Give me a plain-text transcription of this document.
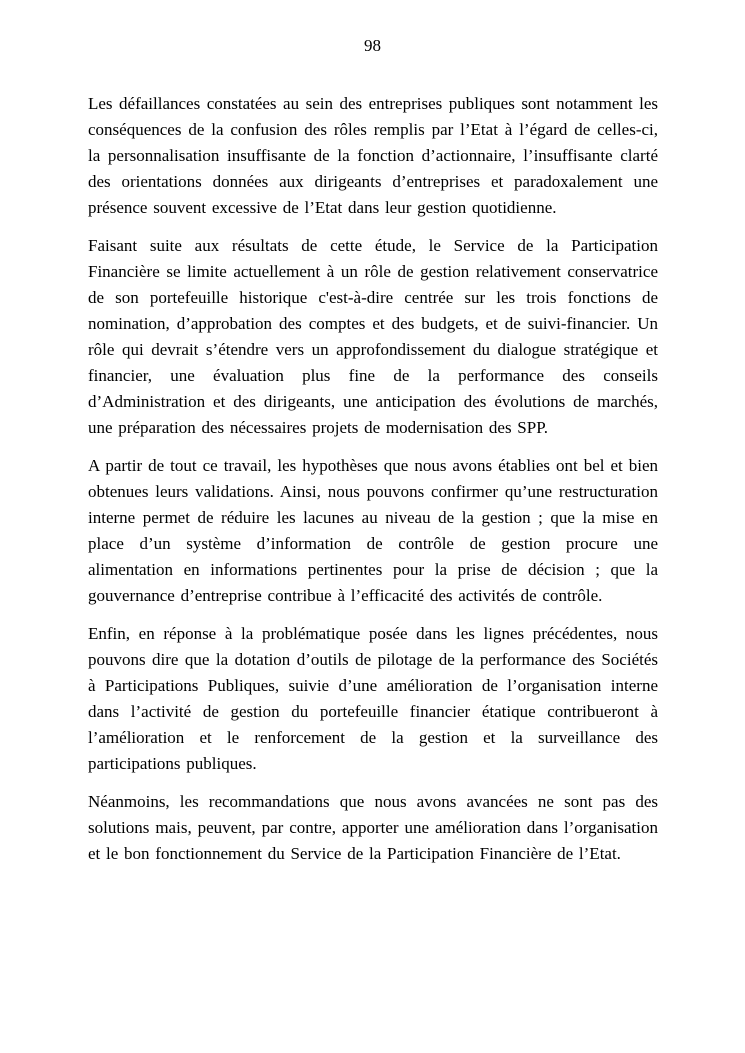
98

Les défaillances constatées au sein des entreprises publiques sont notamment les conséquences de la confusion des rôles remplis par l’Etat à l’égard de celles-ci, la personnalisation insuffisante de la fonction d’actionnaire, l’insuffisante clarté des orientations données aux dirigeants d’entreprises et paradoxalement une présence souvent excessive de l’Etat dans leur gestion quotidienne.

Faisant suite aux résultats de cette étude, le Service de la Participation Financière se limite actuellement à un rôle de gestion relativement conservatrice de son portefeuille historique c'est-à-dire centrée sur les trois fonctions de nomination, d’approbation des comptes et des budgets, et de suivi-financier. Un rôle qui devrait s’étendre vers un approfondissement du dialogue stratégique et financier, une évaluation plus fine de la performance des conseils d’Administration et des dirigeants, une anticipation des évolutions de marchés, une préparation des nécessaires projets de modernisation des SPP.

A partir de tout ce travail, les hypothèses que nous avons établies ont bel et bien obtenues leurs validations. Ainsi, nous pouvons confirmer qu’une restructuration interne permet de réduire les lacunes au niveau de la gestion ; que la mise en place d’un système d’information de contrôle de gestion procure une alimentation en informations pertinentes pour la prise de décision ; que la gouvernance d’entreprise contribue à l’efficacité des activités de contrôle.

Enfin, en réponse à la problématique posée dans les lignes précédentes, nous pouvons dire que la dotation d’outils de pilotage de la performance des Sociétés à Participations Publiques, suivie d’une amélioration de l’organisation interne dans l’activité de gestion du portefeuille financier étatique contribueront à l’amélioration et le renforcement de la gestion et la surveillance des participations publiques.

Néanmoins, les recommandations que nous avons avancées ne sont pas des solutions mais, peuvent, par contre, apporter une amélioration dans l’organisation et le bon fonctionnement du Service de la Participation Financière de l’Etat.
